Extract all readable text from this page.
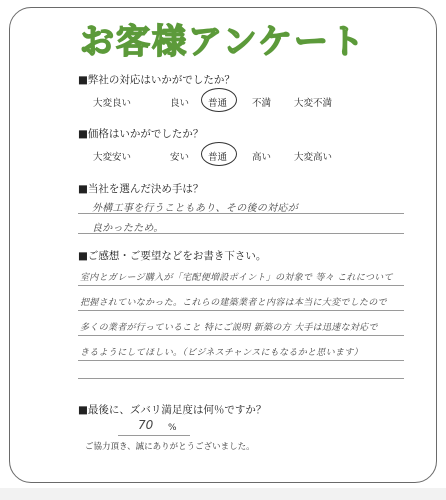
お客様アンケート
■弊社の対応はいかがでしたか？
大変良い	良い 普通	不満 大変不満
■価格はいかがでしたか？
大変安い	安い 普通	高い 大変高い
■当社を選んだ決め手は？
外構工事を行うこともあり、その後の対応が
良かったため。
■ご感想・ご要望などをお書き下さい。
室内とガレージ購入が「宅配便増設ポイント」の対象で 等々 これについて
把握されていなかった。これらの建築業者と内容は本当に大変でしたので
多くの業者が行っていること 特にご説明 新築の方 大手は迅速な対応で
きるようにしてほしい。（ビジネスチャンスにもなるかと思います）
■最後に、ズバリ満足度は何％ですか？
70 %
ご協力頂き、誠にありがとうございました。
